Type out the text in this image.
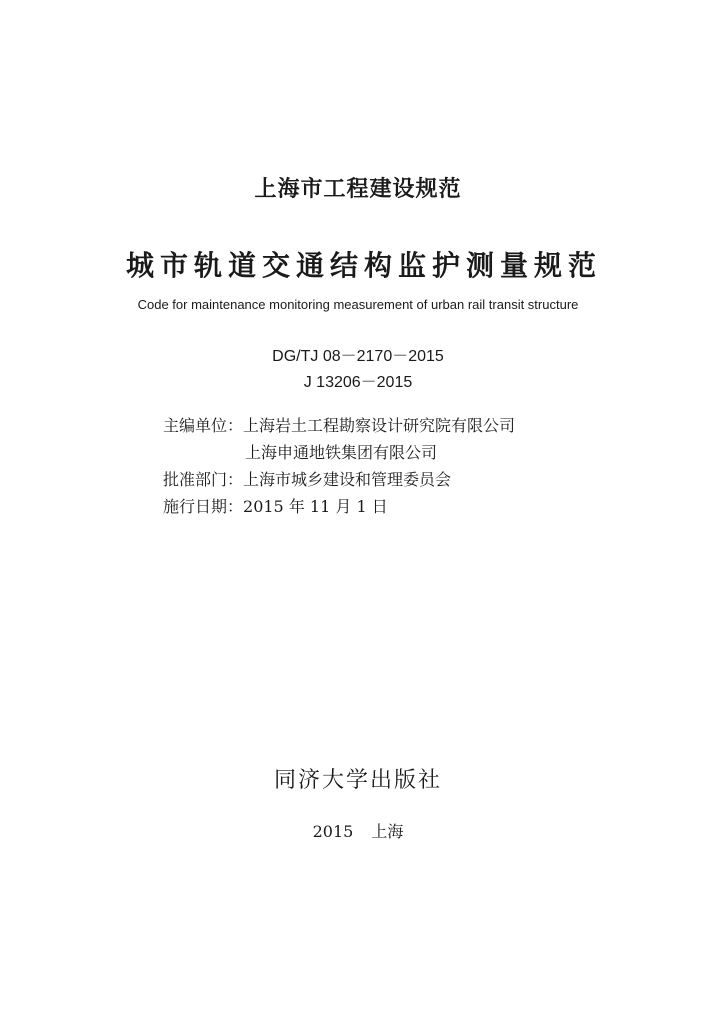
上海市工程建设规范
城市轨道交通结构监护测量规范
Code for maintenance monitoring measurement of urban rail transit structure
DG/TJ 08－2170－2015
J 13206－2015
主编单位：上海岩土工程勘察设计研究院有限公司
上海申通地铁集团有限公司
批准部门：上海市城乡建设和管理委员会
施行日期：2015 年 11 月 1 日
同济大学出版社
2015 上海
